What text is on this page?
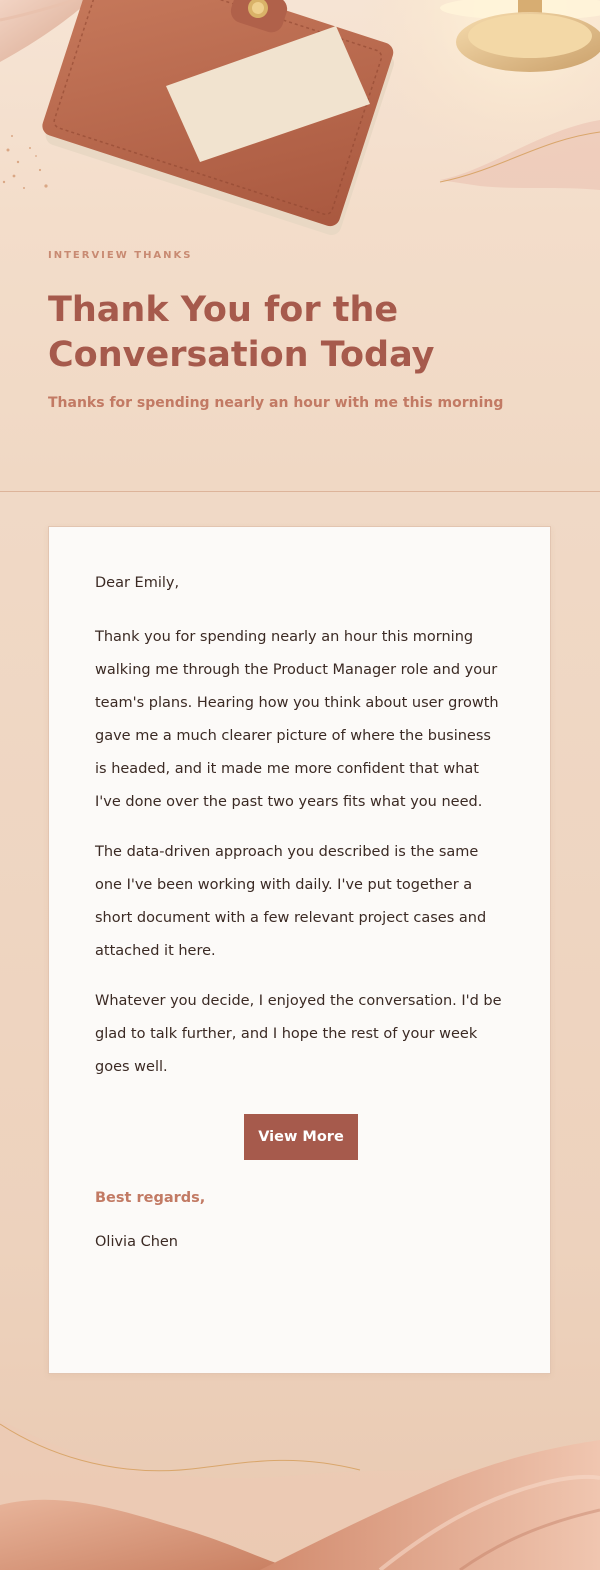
INTERVIEW THANKS
Thank You for the
Conversation Today
Thanks for spending nearly an hour with me this morning

Dear Emily,

Thank you for spending nearly an hour this morning walking me through the Product Manager role and your team's plans. Hearing how you think about user growth gave me a much clearer picture of where the business is headed, and it made me more confident that what I've done over the past two years fits what you need.

The data-driven approach you described is the same one I've been working with daily. I've put together a short document with a few relevant project cases and attached it here.

Whatever you decide, I enjoyed the conversation. I'd be glad to talk further, and I hope the rest of your week goes well.

View More

Best regards,

Olivia Chen
